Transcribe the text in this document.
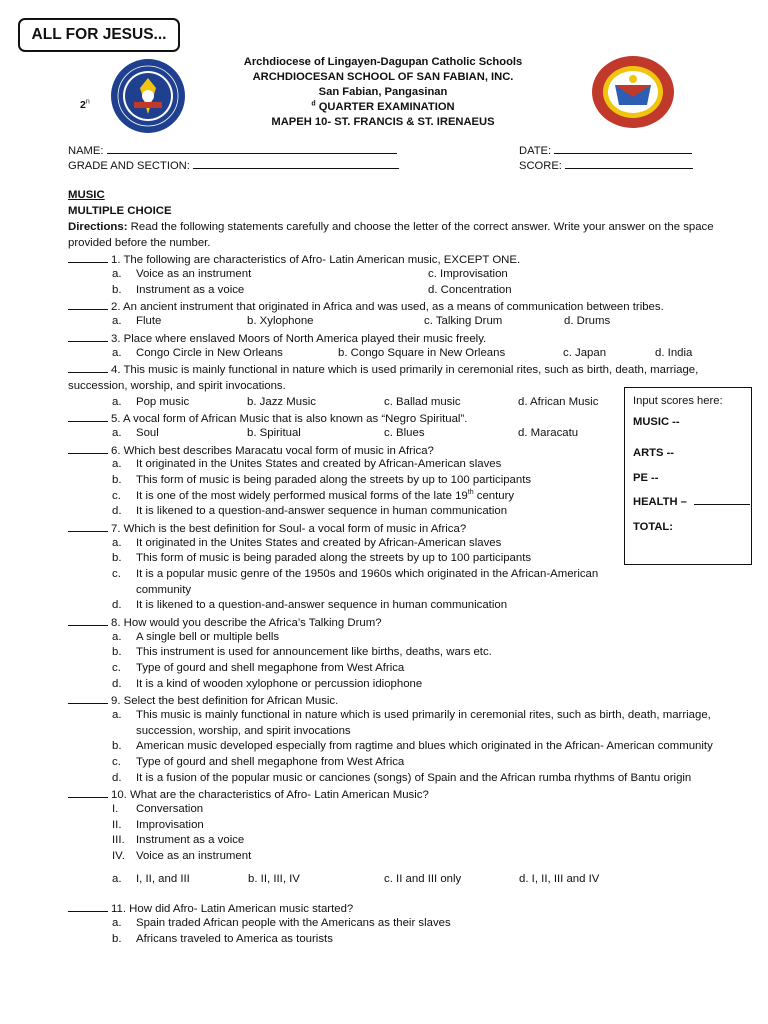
ALL FOR JESUS...
Archdiocese of Lingayen-Dagupan Catholic Schools
ARCHDIOCESAN SCHOOL OF SAN FABIAN, INC.
San Fabian, Pangasinan
$^d$ QUARTER EXAMINATION
MAPEH 10- ST. FRANCIS & ST. IRENAEUS
2$^n$
NAME:
GRADE AND SECTION:
DATE:
SCORE:
MUSIC
MULTIPLE CHOICE
Directions: Read the following statements carefully and choose the letter of the correct answer. Write your answer on the space provided before the number.
1. The following are characteristics of Afro- Latin American music, EXCEPT ONE.
a.	Voice as an instrument	c. Improvisation
b.	Instrument as a voice	d. Concentration
2. An ancient instrument that originated in Africa and was used, as a means of communication between tribes.
a.	Flute	b. Xylophone	c. Talking Drum	d. Drums
3. Place where enslaved Moors of North America played their music freely.
a.	Congo Circle in New Orleans	b. Congo Square in New Orleans	c. Japan	d. India
4. This music is mainly functional in nature which is used primarily in ceremonial rites, such as birth, death, marriage, succession, worship, and spirit invocations.
a.	Pop music	b. Jazz Music	c. Ballad music	d. African Music
5. A vocal form of African Music that is also known as “Negro Spiritual”.
a.	Soul	b. Spiritual	c. Blues	d. Maracatu
6. Which best describes Maracatu vocal form of music in Africa?
a.	It originated in the Unites States and created by African-American slaves
b.	This form of music is being paraded along the streets by up to 100 participants
c.	It is one of the most widely performed musical forms of the late 19th century
d.	It is likened to a question-and-answer sequence in human communication
7. Which is the best definition for Soul- a vocal form of music in Africa?
a.	It originated in the Unites States and created by African-American slaves
b.	This form of music is being paraded along the streets by up to 100 participants
c.	It is a popular music genre of the 1950s and 1960s which originated in the African-American community
d.	It is likened to a question-and-answer sequence in human communication
8. How would you describe the Africa’s Talking Drum?
a.	A single bell or multiple bells
b.	This instrument is used for announcement like births, deaths, wars etc.
c.	Type of gourd and shell megaphone from West Africa
d.	It is a kind of wooden xylophone or percussion idiophone
9. Select the best definition for African Music.
a.	This music is mainly functional in nature which is used primarily in ceremonial rites, such as birth, death, marriage, succession, worship, and spirit invocations
b.	American music developed especially from ragtime and blues which originated in the African- American community
c.	Type of gourd and shell megaphone from West Africa
d.	It is a fusion of the popular music or canciones (songs) of Spain and the African rumba rhythms of Bantu origin
10. What are the characteristics of Afro- Latin American Music?
I.	Conversation
II.	Improvisation
III. Instrument as a voice
IV. Voice as an instrument
a.	I, II, and III	b. II, III, IV	c. II and III only	d. I, II, III and IV
11. How did Afro- Latin American music started?
a.	Spain traded African people with the Americans as their slaves
b.	Africans traveled to America as tourists
Input scores here:
MUSIC --
ARTS --
PE --
HEALTH –
TOTAL:
